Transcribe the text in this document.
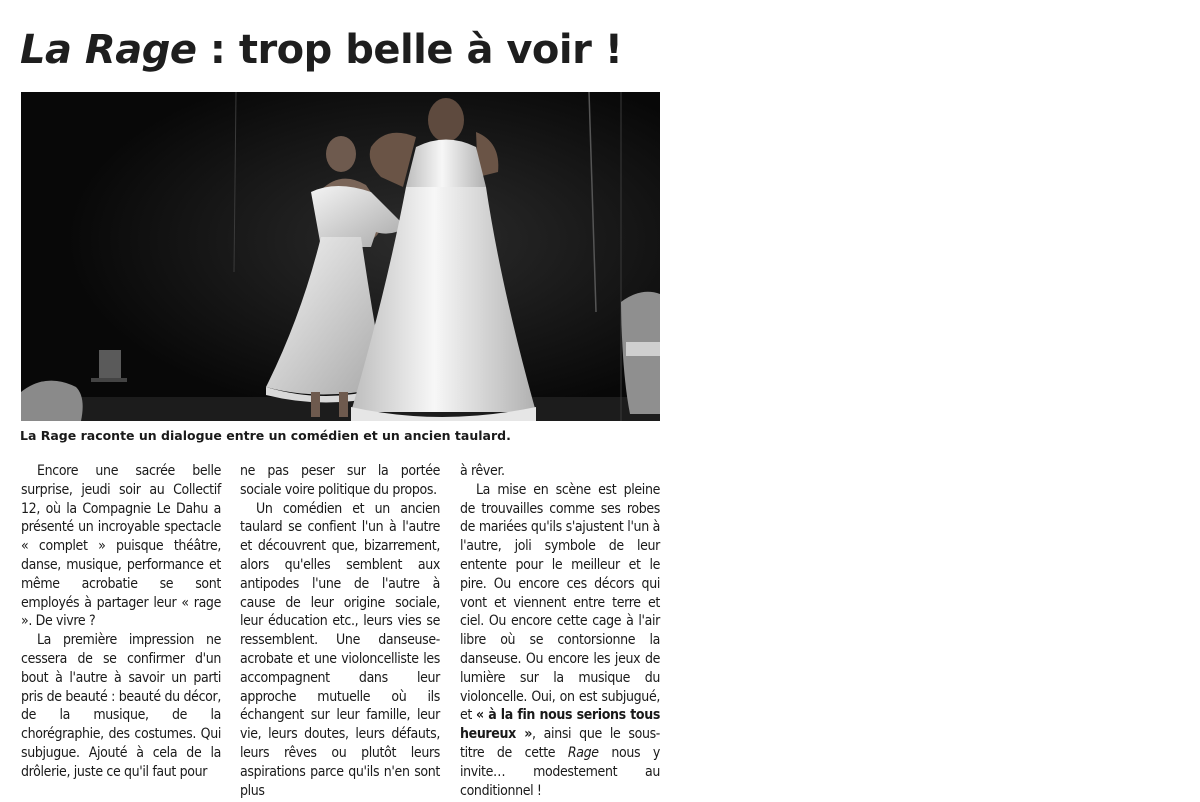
La Rage : trop belle à voir !

La Rage raconte un dialogue entre un comédien et un ancien taulard.

Encore une sacrée belle surprise, jeudi soir au Collectif 12, où la Compagnie Le Dahu a présenté un incroyable spectacle « complet » puisque théâtre, danse, musique, performance et même acrobatie se sont employés à partager leur « rage ». De vivre ?

La première impression ne cessera de se confirmer d'un bout à l'autre à savoir un parti pris de beauté : beauté du décor, de la musique, de la chorégraphie, des costumes. Qui subjugue. Ajouté à cela de la drôlerie, juste ce qu'il faut pour

ne pas peser sur la portée sociale voire politique du propos.

Un comédien et un ancien taulard se confient l'un à l'autre et découvrent que, bizarrement, alors qu'elles semblent aux antipodes l'une de l'autre à cause de leur origine sociale, leur éducation etc., leurs vies se ressemblent. Une danseuse-acrobate et une violoncelliste les accompagnent dans leur approche mutuelle où ils échangent sur leur famille, leur vie, leurs doutes, leurs défauts, leurs rêves ou plutôt leurs aspirations parce qu'ils n'en sont plus

à rêver.

La mise en scène est pleine de trouvailles comme ses robes de mariées qu'ils s'ajustent l'un à l'autre, joli symbole de leur entente pour le meilleur et le pire. Ou encore ces décors qui vont et viennent entre terre et ciel. Ou encore cette cage à l'air libre où se contorsionne la danseuse. Ou encore les jeux de lumière sur la musique du violoncelle. Oui, on est subjugué, et « à la fin nous serions tous heureux », ainsi que le sous-titre de cette Rage nous y invite… modestement au conditionnel !
